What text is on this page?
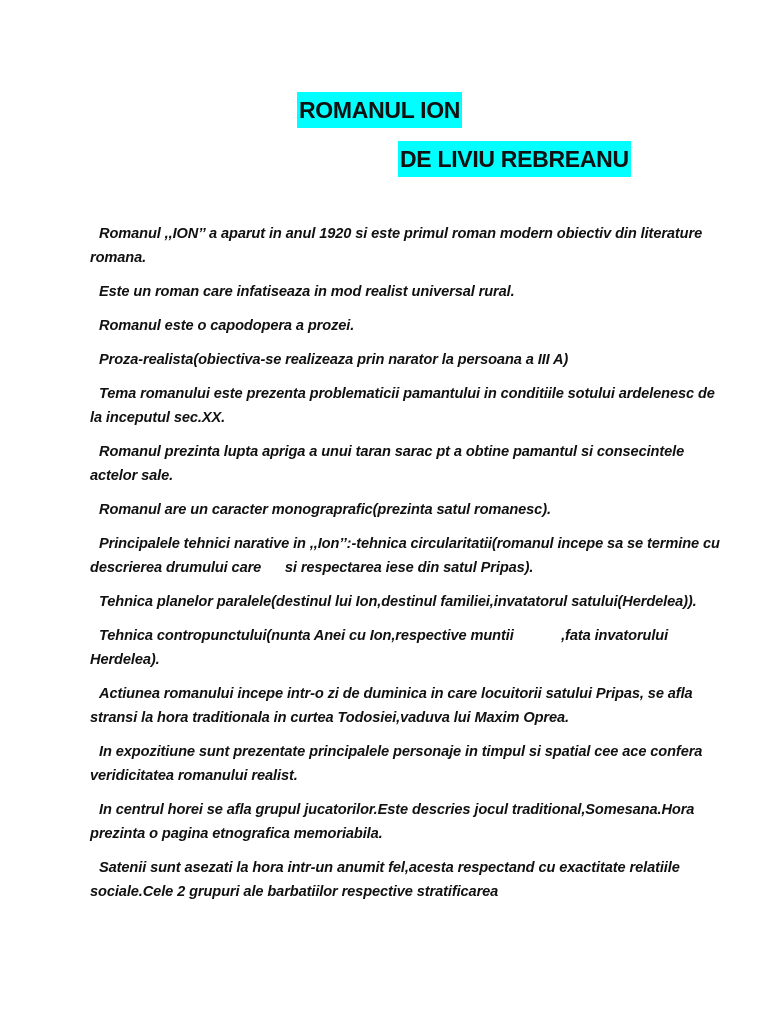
ROMANUL ION
DE LIVIU REBREANU

Romanul ,,ION’’ a aparut in anul 1920 si este primul roman modern obiectiv din literature romana.

Este un roman care infatiseaza in mod realist universal rural.

Romanul este o capodopera a prozei.

Proza-realista(obiectiva-se realizeaza prin narator la persoana a III A)

Tema romanului este prezenta problematicii pamantului in conditiile sotului ardelenesc de la inceputul sec.XX.

Romanul prezinta lupta apriga a unui taran sarac pt a obtine pamantul si consecintele actelor sale.

Romanul are un caracter monograprafic(prezinta satul romanesc).

Principalele tehnici narative in ,,Ion’’:-tehnica circularitatii(romanul incepe sa se termine cu descrierea drumului care      si respectarea iese din satul Pripas).

Tehnica planelor paralele(destinul lui Ion,destinul familiei,invatatorul satului(Herdelea)).

Tehnica contropunctului(nunta Anei cu Ion,respective muntii            ,fata invatorului Herdelea).

Actiunea romanului incepe intr-o zi de duminica in care locuitorii satului Pripas, se afla stransi la hora traditionala in curtea Todosiei,vaduva lui Maxim Oprea.

In expozitiune sunt prezentate principalele personaje in timpul si spatial cee ace confera veridicitatea romanului realist.

In centrul horei se afla grupul jucatorilor.Este descries jocul traditional,Somesana.Hora prezinta o pagina etnografica memoriabila.

Satenii sunt asezati la hora intr-un anumit fel,acesta respectand cu exactitate relatiile sociale.Cele 2 grupuri ale barbatiilor respective stratificarea
